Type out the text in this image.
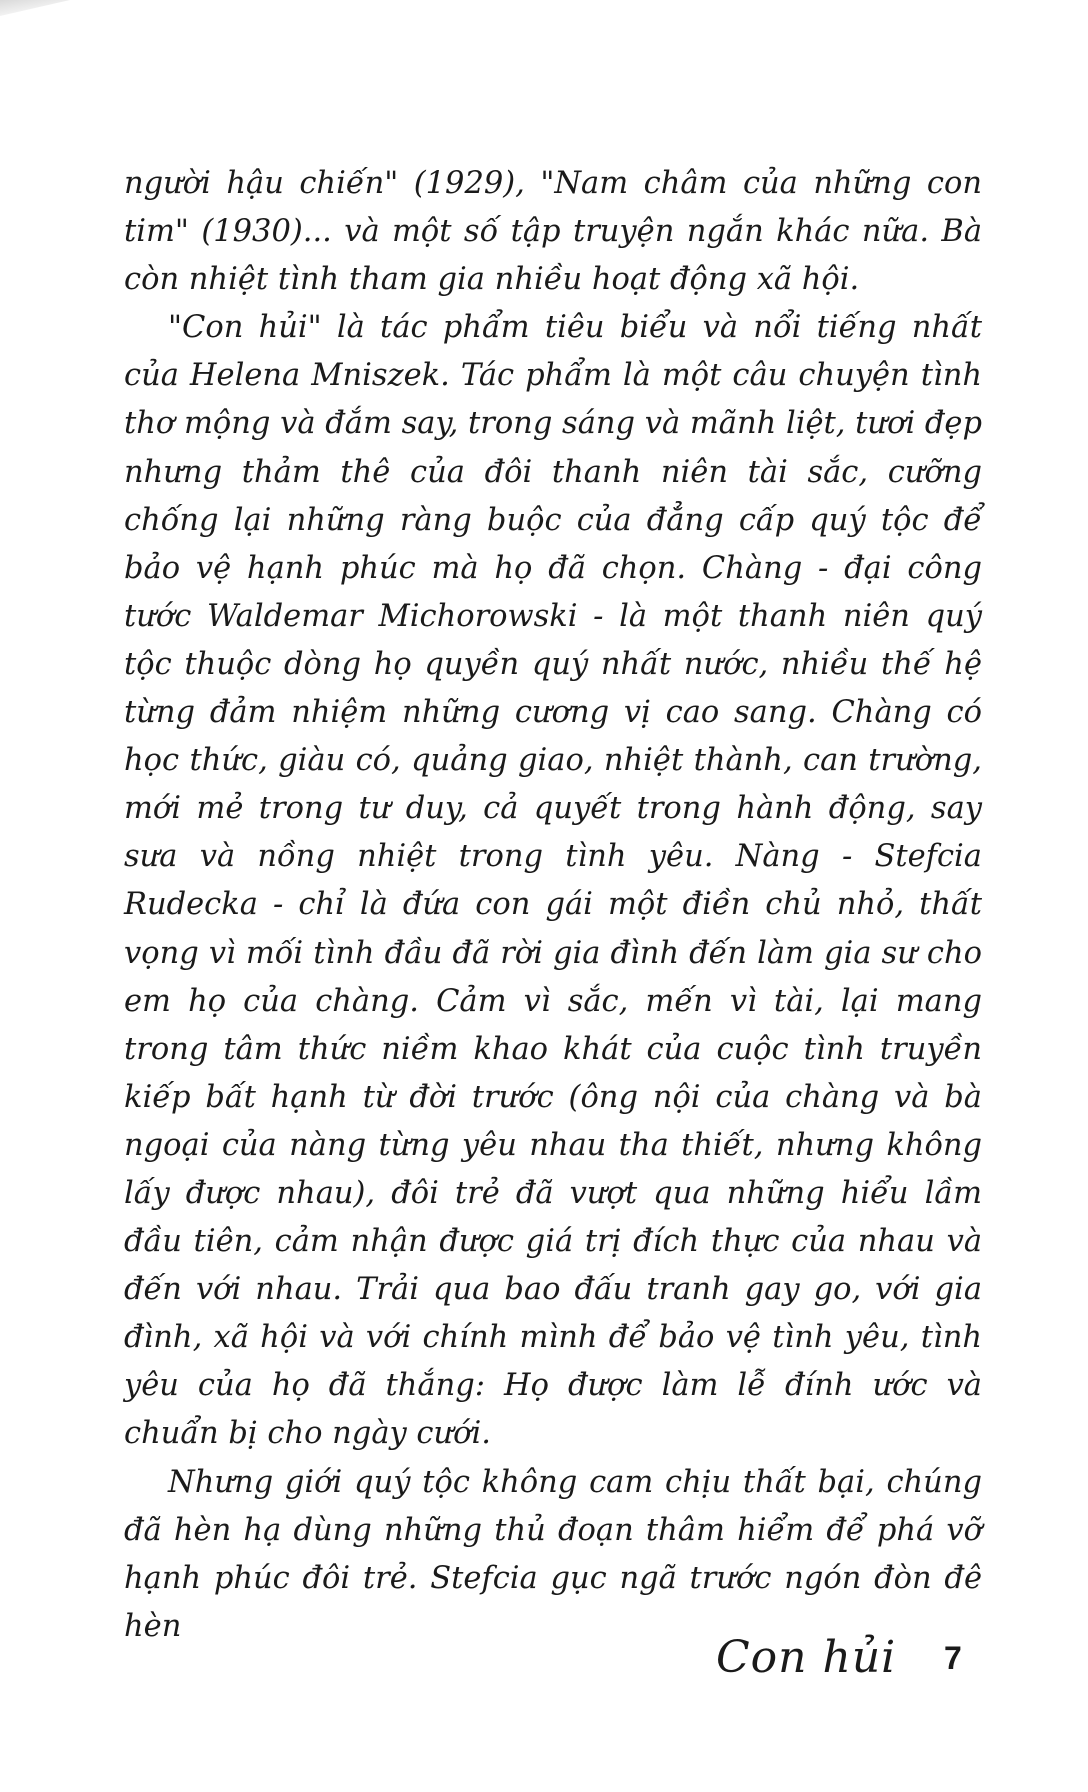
người hậu chiến" (1929), "Nam châm của những con tim" (1930)... và một số tập truyện ngắn khác nữa. Bà còn nhiệt tình tham gia nhiều hoạt động xã hội.

"Con hủi" là tác phẩm tiêu biểu và nổi tiếng nhất của Helena Mniszek. Tác phẩm là một câu chuyện tình thơ mộng và đắm say, trong sáng và mãnh liệt, tươi đẹp nhưng thảm thê của đôi thanh niên tài sắc, cưỡng chống lại những ràng buộc của đẳng cấp quý tộc để bảo vệ hạnh phúc mà họ đã chọn. Chàng - đại công tước Waldemar Michorowski - là một thanh niên quý tộc thuộc dòng họ quyền quý nhất nước, nhiều thế hệ từng đảm nhiệm những cương vị cao sang. Chàng có học thức, giàu có, quảng giao, nhiệt thành, can trường, mới mẻ trong tư duy, cả quyết trong hành động, say sưa và nồng nhiệt trong tình yêu. Nàng - Stefcia Rudecka - chỉ là đứa con gái một điền chủ nhỏ, thất vọng vì mối tình đầu đã rời gia đình đến làm gia sư cho em họ của chàng. Cảm vì sắc, mến vì tài, lại mang trong tâm thức niềm khao khát của cuộc tình truyền kiếp bất hạnh từ đời trước (ông nội của chàng và bà ngoại của nàng từng yêu nhau tha thiết, nhưng không lấy được nhau), đôi trẻ đã vượt qua những hiểu lầm đầu tiên, cảm nhận được giá trị đích thực của nhau và đến với nhau. Trải qua bao đấu tranh gay go, với gia đình, xã hội và với chính mình để bảo vệ tình yêu, tình yêu của họ đã thắng: Họ được làm lễ đính ước và chuẩn bị cho ngày cưới.

Nhưng giới quý tộc không cam chịu thất bại, chúng đã hèn hạ dùng những thủ đoạn thâm hiểm để phá vỡ hạnh phúc đôi trẻ. Stefcia gục ngã trước ngón đòn đê hèn

Con hủi 7
